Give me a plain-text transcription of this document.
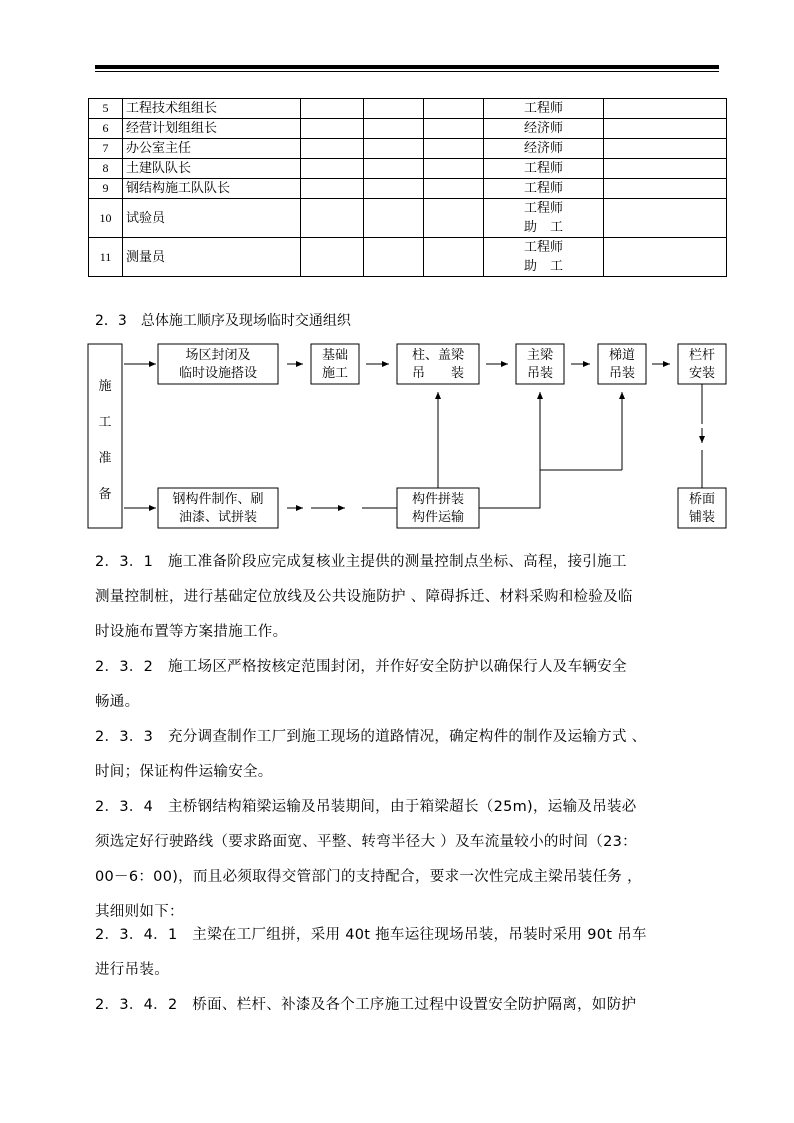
5	工程技术组组长				工程师	

6	经营计划组组长				经济师	

7	办公室主任				经济师	

8	土建队队长				工程师	

9	钢结构施工队队长				工程师	

10	试验员				工程师
助　工	

11	测量员				工程师
助　工	

2．3　总体施工顺序及现场临时交通组织
场区封闭及
临时设施搭设
基础
施工
柱、盖梁
吊　　装
主梁
吊装
梯道
吊装
栏杆
安装
钢构件制作、刷
油漆、试拼装
构件拼装
构件运输
桥面
铺装
施
工
准
备
2．3．1　施工准备阶段应完成复核业主提供的测量控制点坐标、高程，接引施工
测量控制桩，进行基础定位放线及公共设施防护 、障碍拆迁、材料采购和检验及临
时设施布置等方案措施工作。
2．3．2　施工场区严格按核定范围封闭，并作好安全防护以确保行人及车辆安全
畅通。
2．3．3　充分调查制作工厂到施工现场的道路情况，确定构件的制作及运输方式 、
时间；保证构件运输安全。
2．3．4　主桥钢结构箱梁运输及吊装期间，由于箱梁超长（25m)，运输及吊装必
须选定好行驶路线（要求路面宽、平整、转弯半径大 ）及车流量较小的时间（23：
00－6：00)，而且必须取得交管部门的支持配合，要求一次性完成主梁吊装任务 ，
其细则如下：
2．3．4．1　主梁在工厂组拼，采用 40t 拖车运往现场吊装，吊装时采用 90t 吊车
进行吊装。
2．3．4．2　桥面、栏杆、补漆及各个工序施工过程中设置安全防护隔离，如防护
